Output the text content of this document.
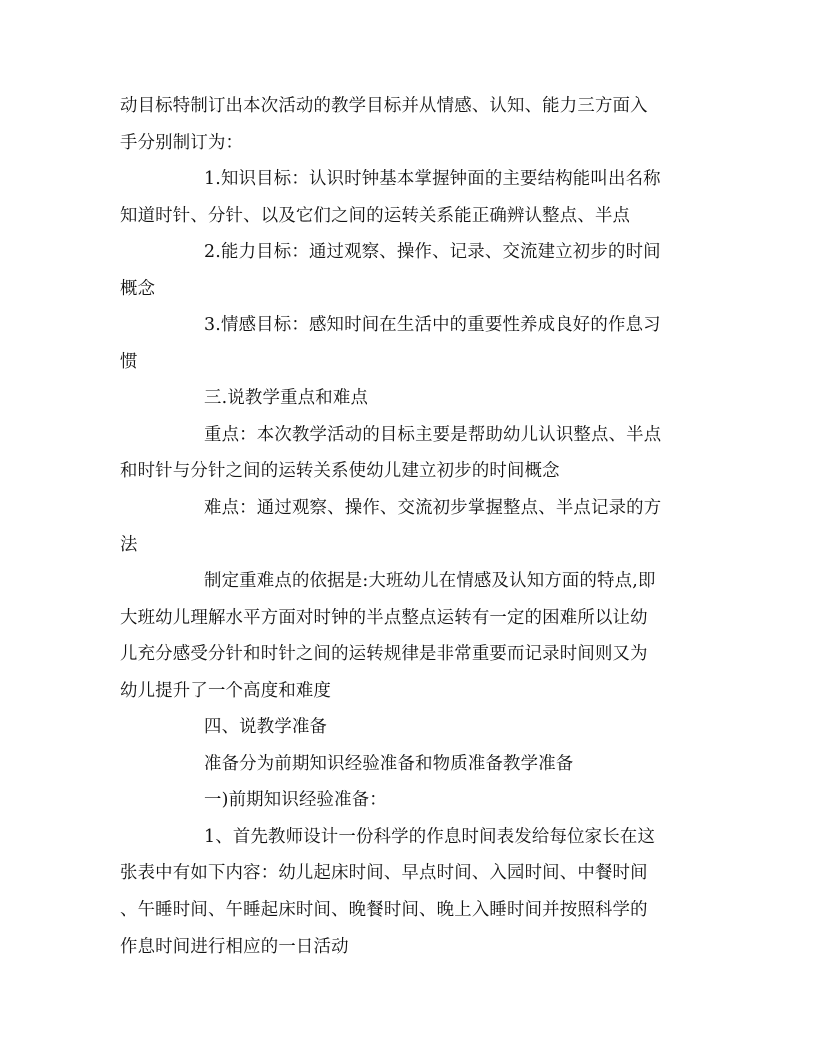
动目标特制订出本次活动的教学目标并从情感、认知、能力三方面入
手分别制订为：
1.知识目标：认识时钟基本掌握钟面的主要结构能叫出名称
知道时针、分针、以及它们之间的运转关系能正确辨认整点、半点
2.能力目标：通过观察、操作、记录、交流建立初步的时间
概念
3.情感目标：感知时间在生活中的重要性养成良好的作息习
惯
三.说教学重点和难点
重点：本次教学活动的目标主要是帮助幼儿认识整点、半点
和时针与分针之间的运转关系使幼儿建立初步的时间概念
难点：通过观察、操作、交流初步掌握整点、半点记录的方
法
制定重难点的依据是:大班幼儿在情感及认知方面的特点,即
大班幼儿理解水平方面对时钟的半点整点运转有一定的困难所以让幼
儿充分感受分针和时针之间的运转规律是非常重要而记录时间则又为
幼儿提升了一个高度和难度
四、说教学准备
准备分为前期知识经验准备和物质准备教学准备
一)前期知识经验准备：
1、首先教师设计一份科学的作息时间表发给每位家长在这
张表中有如下内容：幼儿起床时间、早点时间、入园时间、中餐时间
、午睡时间、午睡起床时间、晚餐时间、晚上入睡时间并按照科学的
作息时间进行相应的一日活动
